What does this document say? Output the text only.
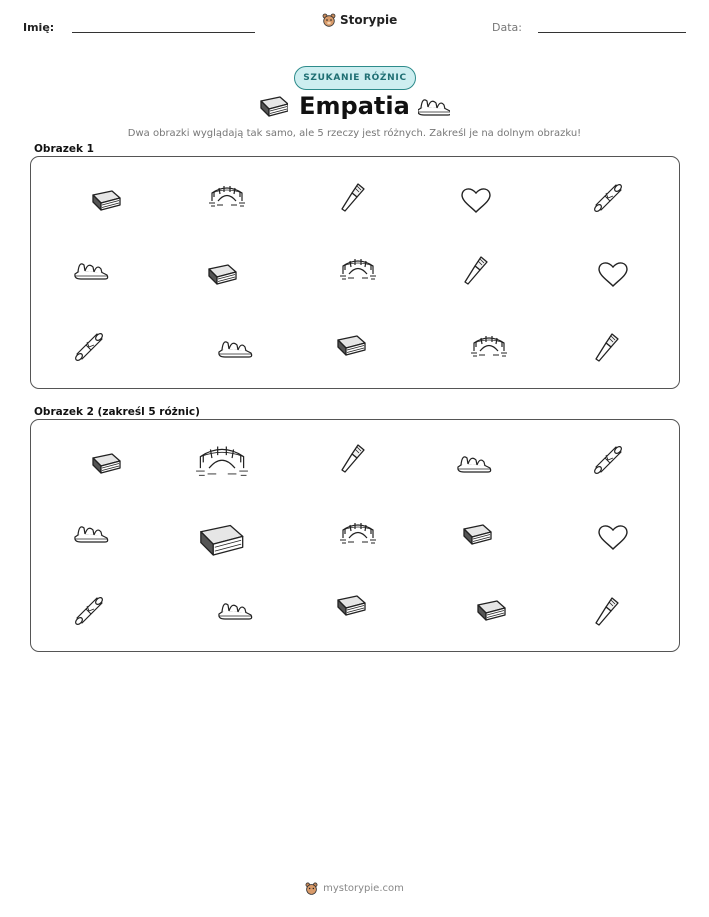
Imię:
Storypie
Data:
SZUKANIE RÓŻNIC
Empatia
Dwa obrazki wyglądają tak samo, ale 5 rzeczy jest różnych. Zakreśl je na dolnym obrazku!
Obrazek 1
Obrazek 2 (zakreśl 5 różnic)
mystorypie.com
